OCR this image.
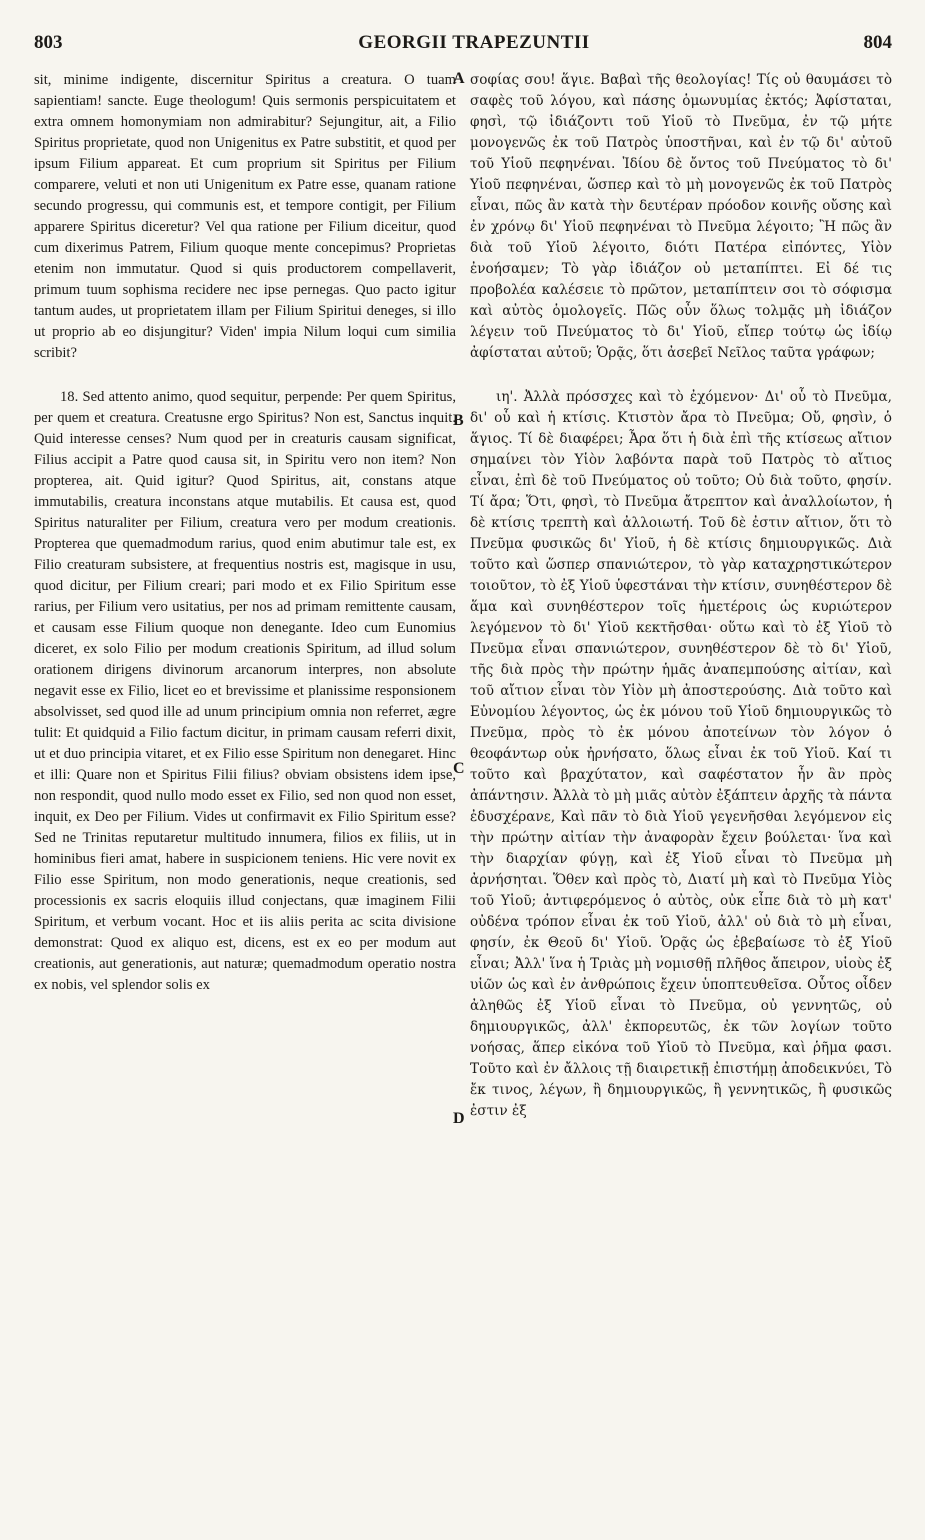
803	GEORGII TRAPEZUNTII	804

sit, minime indigente, discernitur Spiritus a creatura. O tuam sapientiam! sancte. Euge theologum! Quis sermonis perspicuitatem et extra omnem homonymiam non admirabitur? Sejungitur, ait, a Filio Spiritus proprietate, quod non Unigenitus ex Patre substitit, et quod per ipsum Filium appareat. Et cum proprium sit Spiritus per Filium comparere, veluti et non uti Unigenitum ex Patre esse, quanam ratione secundo progressu, qui communis est, et tempore contigit, per Filium apparere Spiritus diceretur? Vel qua ratione per Filium diceitur, quod cum dixerimus Patrem, Filium quoque mente concepimus? Proprietas etenim non immutatur. Quod si quis productorem compellaverit, primum tuum sophisma recidere nec ipse pernegas. Quo pacto igitur tantum audes, ut proprietatem illam per Filium Spiritui deneges, si illo ut proprio ab eo disjungitur? Viden' impia Nilum loqui cum similia scribit?

18. Sed attento animo, quod sequitur, perpende: Per quem Spiritus, per quem et creatura. Creatusne ergo Spiritus? Non est, Sanctus inquit. Quid interesse censes? Num quod per in creaturis causam significat, Filius accipit a Patre quod causa sit, in Spiritu vero non item? Non propterea, ait. Quid igitur? Quod Spiritus, ait, constans atque immutabilis, creatura inconstans atque mutabilis. Et causa est, quod Spiritus naturaliter per Filium, creatura vero per modum creationis. Propterea que quemadmodum rarius, quod enim abutimur tale est, ex Filio creaturam subsistere, at frequentius nostris est, magisque in usu, quod dicitur, per Filium creari; pari modo et ex Filio Spiritum esse rarius, per Filium vero usitatius, per nos ad primam remittente causam, et causam esse Filium quoque non denegante. Ideo cum Eunomius diceret, ex solo Filio per modum creationis Spiritum, ad illud solum orationem dirigens divinorum arcanorum interpres, non absolute negavit esse ex Filio, licet eo et brevissime et planissime responsionem absolvisset, sed quod ille ad unum principium omnia non referret, ægre tulit: Et quidquid a Filio factum dicitur, in primam causam referri dixit, ut et duo principia vitaret, et ex Filio esse Spiritum non denegaret. Hinc et illi: Quare non et Spiritus Filii filius? obviam obsistens idem ipse, non respondit, quod nullo modo esset ex Filio, sed non quod non esset, inquit, ex Deo per Filium. Vides ut confirmavit ex Filio Spiritum esse? Sed ne Trinitas reputaretur multitudo innumera, filios ex filiis, ut in hominibus fieri amat, habere in suspicionem teniens. Hic vere novit ex Filio esse Spiritum, non modo generationis, neque creationis, sed processionis ex sacris eloquiis illud conjectans, quæ imaginem Filii Spiritum, et verbum vocant. Hoc et iis aliis perita ac scita divisione demonstrat: Quod ex aliquo est, dicens, est ex eo per modum aut creationis, aut generationis, aut naturæ; quemadmodum operatio nostra ex nobis, vel splendor solis ex

A
B
C
D

σοφίας σου! ἅγιε. Βαβαὶ τῆς θεολογίας! Τίς οὐ θαυμάσει τὸ σαφὲς τοῦ λόγου, καὶ πάσης ὁμωνυμίας ἐκτός; Ἀφίσταται, φησὶ, τῷ ἰδιάζοντι τοῦ Υἱοῦ τὸ Πνεῦμα, ἐν τῷ μήτε μονογενῶς ἐκ τοῦ Πατρὸς ὑποστῆναι, καὶ ἐν τῷ δι' αὐτοῦ τοῦ Υἱοῦ πεφηνέναι. Ἰδίου δὲ ὄντος τοῦ Πνεύματος τὸ δι' Υἱοῦ πεφηνέναι, ὥσπερ καὶ τὸ μὴ μονογενῶς ἐκ τοῦ Πατρὸς εἶναι, πῶς ἂν κατὰ τὴν δευτέραν πρόοδον κοινῆς οὔσης καὶ ἐν χρόνῳ δι' Υἱοῦ πεφηνέναι τὸ Πνεῦμα λέγοιτο; Ἢ πῶς ἂν διὰ τοῦ Υἱοῦ λέγοιτο, διότι Πατέρα εἰπόντες, Υἱὸν ἐνοήσαμεν; Τὸ γὰρ ἰδιάζον οὐ μεταπίπτει. Εἰ δέ τις προβολέα καλέσειε τὸ πρῶτον, μεταπίπτειν σοι τὸ σόφισμα καὶ αὐτὸς ὁμολογεῖς. Πῶς οὖν ὅλως τολμᾷς μὴ ἰδιάζον λέγειν τοῦ Πνεύματος τὸ δι' Υἱοῦ, εἴπερ τούτῳ ὡς ἰδίῳ ἀφίσταται αὐτοῦ; Ὁρᾷς, ὅτι ἀσεβεῖ Νεῖλος ταῦτα γράφων;

ιη'. Ἀλλὰ πρόσσχες καὶ τὸ ἐχόμενον· Δι' οὗ τὸ Πνεῦμα, δι' οὗ καὶ ἡ κτίσις. Κτιστὸν ἄρα τὸ Πνεῦμα; Οὔ, φησὶν, ὁ ἅγιος. Τί δὲ διαφέρει; Ἆρα ὅτι ἡ διὰ ἐπὶ τῆς κτίσεως αἴτιον σημαίνει τὸν Υἱὸν λαβόντα παρὰ τοῦ Πατρὸς τὸ αἴτιος εἶναι, ἐπὶ δὲ τοῦ Πνεύματος οὐ τοῦτο; Οὐ διὰ τοῦτο, φησίν. Τί ἄρα; Ὅτι, φησὶ, τὸ Πνεῦμα ἄτρεπτον καὶ ἀναλλοίωτον, ἡ δὲ κτίσις τρεπτὴ καὶ ἀλλοιωτή. Τοῦ δὲ ἐστιν αἴτιον, ὅτι τὸ Πνεῦμα φυσικῶς δι' Υἱοῦ, ἡ δὲ κτίσις δημιουργικῶς. Διὰ τοῦτο καὶ ὥσπερ σπανιώτερον, τὸ γὰρ καταχρηστικώτερον τοιοῦτον, τὸ ἐξ Υἱοῦ ὑφεστάναι τὴν κτίσιν, συνηθέστερον δὲ ἅμα καὶ συνηθέστερον τοῖς ἡμετέροις ὡς κυριώτερον λεγόμενον τὸ δι' Υἱοῦ κεκτῆσθαι· οὕτω καὶ τὸ ἐξ Υἱοῦ τὸ Πνεῦμα εἶναι σπανιώτερον, συνηθέστερον δὲ τὸ δι' Υἱοῦ, τῆς διὰ πρὸς τὴν πρώτην ἡμᾶς ἀναπεμπούσης αἰτίαν, καὶ τοῦ αἴτιον εἶναι τὸν Υἱὸν μὴ ἀποστερούσης. Διὰ τοῦτο καὶ Εὐνομίου λέγοντος, ὡς ἐκ μόνου τοῦ Υἱοῦ δημιουργικῶς τὸ Πνεῦμα, πρὸς τὸ ἐκ μόνου ἀποτείνων τὸν λόγον ὁ θεοφάντωρ οὐκ ἠρνήσατο, ὅλως εἶναι ἐκ τοῦ Υἱοῦ. Καί τι τοῦτο καὶ βραχύτατον, καὶ σαφέστατον ἦν ἂν πρὸς ἀπάντησιν. Ἀλλὰ τὸ μὴ μιᾶς αὐτὸν ἐξάπτειν ἀρχῆς τὰ πάντα ἐδυσχέρανε, Καὶ πᾶν τὸ διὰ Υἱοῦ γεγενῆσθαι λεγόμενον εἰς τὴν πρώτην αἰτίαν τὴν ἀναφορὰν ἔχειν βούλεται· ἵνα καὶ τὴν διαρχίαν φύγῃ, καὶ ἐξ Υἱοῦ εἶναι τὸ Πνεῦμα μὴ ἀρνήσηται. Ὅθεν καὶ πρὸς τὸ, Διατί μὴ καὶ τὸ Πνεῦμα Υἱὸς τοῦ Υἱοῦ; ἀντιφερόμενος ὁ αὐτὸς, οὐκ εἶπε διὰ τὸ μὴ κατ' οὐδένα τρόπον εἶναι ἐκ τοῦ Υἱοῦ, ἀλλ' οὐ διὰ τὸ μὴ εἶναι, φησίν, ἐκ Θεοῦ δι' Υἱοῦ. Ὁρᾷς ὡς ἐβεβαίωσε τὸ ἐξ Υἱοῦ εἶναι; Ἀλλ' ἵνα ἡ Τριὰς μὴ νομισθῇ πλῆθος ἄπειρον, υἱοὺς ἐξ υἱῶν ὡς καὶ ἐν ἀνθρώποις ἔχειν ὑποπτευθεῖσα. Οὗτος οἶδεν ἀληθῶς ἐξ Υἱοῦ εἶναι τὸ Πνεῦμα, οὐ γεννητῶς, οὐ δημιουργικῶς, ἀλλ' ἐκπορευτῶς, ἐκ τῶν λογίων τοῦτο νοήσας, ἅπερ εἰκόνα τοῦ Υἱοῦ τὸ Πνεῦμα, καὶ ῥῆμα φασι. Τοῦτο καὶ ἐν ἄλλοις τῇ διαιρετικῇ ἐπιστήμῃ ἀποδεικνύει, Τὸ ἔκ τινος, λέγων, ἢ δημιουργικῶς, ἢ γεννητικῶς, ἢ φυσικῶς ἐστιν ἐξ
